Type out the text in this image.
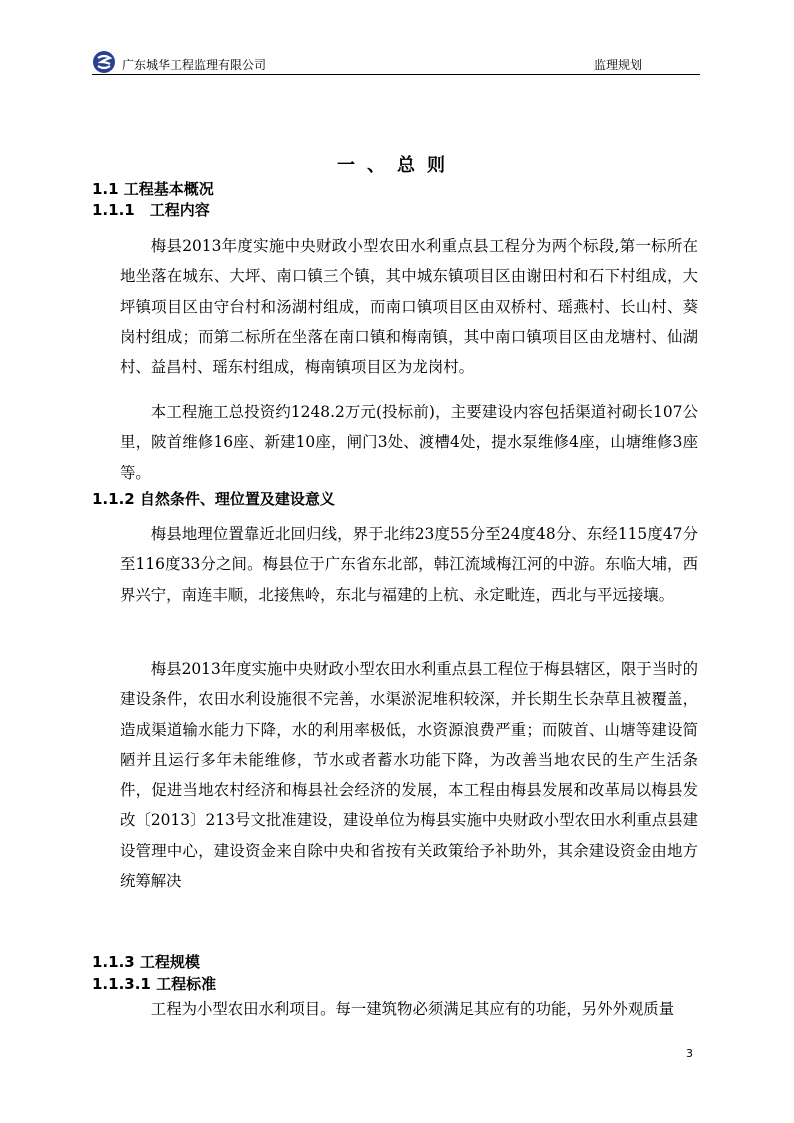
广东城华工程监理有限公司	监理规划
一、总则
1.1 工程基本概况
1.1.1　工程内容

梅县2013年度实施中央财政小型农田水利重点县工程分为两个标段,第一标所在地坐落在城东、大坪、南口镇三个镇，其中城东镇项目区由谢田村和石下村组成，大坪镇项目区由守台村和汤湖村组成，而南口镇项目区由双桥村、瑶燕村、长山村、葵岗村组成；而第二标所在坐落在南口镇和梅南镇，其中南口镇项目区由龙塘村、仙湖村、益昌村、瑶东村组成，梅南镇项目区为龙岗村。

本工程施工总投资约1248.2万元(投标前)，主要建设内容包括渠道衬砌长107公里，陂首维修16座、新建10座，闸门3处、渡槽4处，提水泵维修4座，山塘维修3座等。

1.1.2 自然条件、理位置及建设意义

梅县地理位置靠近北回归线，界于北纬23度55分至24度48分、东经115度47分至116度33分之间。梅县位于广东省东北部，韩江流域梅江河的中游。东临大埔，西界兴宁，南连丰顺，北接焦岭，东北与福建的上杭、永定毗连，西北与平远接壤。

梅县2013年度实施中央财政小型农田水利重点县工程位于梅县辖区，限于当时的建设条件，农田水利设施很不完善，水渠淤泥堆积较深，并长期生长杂草且被覆盖，造成渠道输水能力下降，水的利用率极低，水资源浪费严重；而陂首、山塘等建设简陋并且运行多年未能维修，节水或者蓄水功能下降，为改善当地农民的生产生活条件，促进当地农村经济和梅县社会经济的发展，本工程由梅县发展和改革局以梅县发改〔2013〕213号文批准建设，建设单位为梅县实施中央财政小型农田水利重点县建设管理中心，建设资金来自除中央和省按有关政策给予补助外，其余建设资金由地方统筹解决

1.1.3 工程规模
1.1.3.1 工程标准

工程为小型农田水利项目。每一建筑物必须满足其应有的功能，另外外观质量

3
